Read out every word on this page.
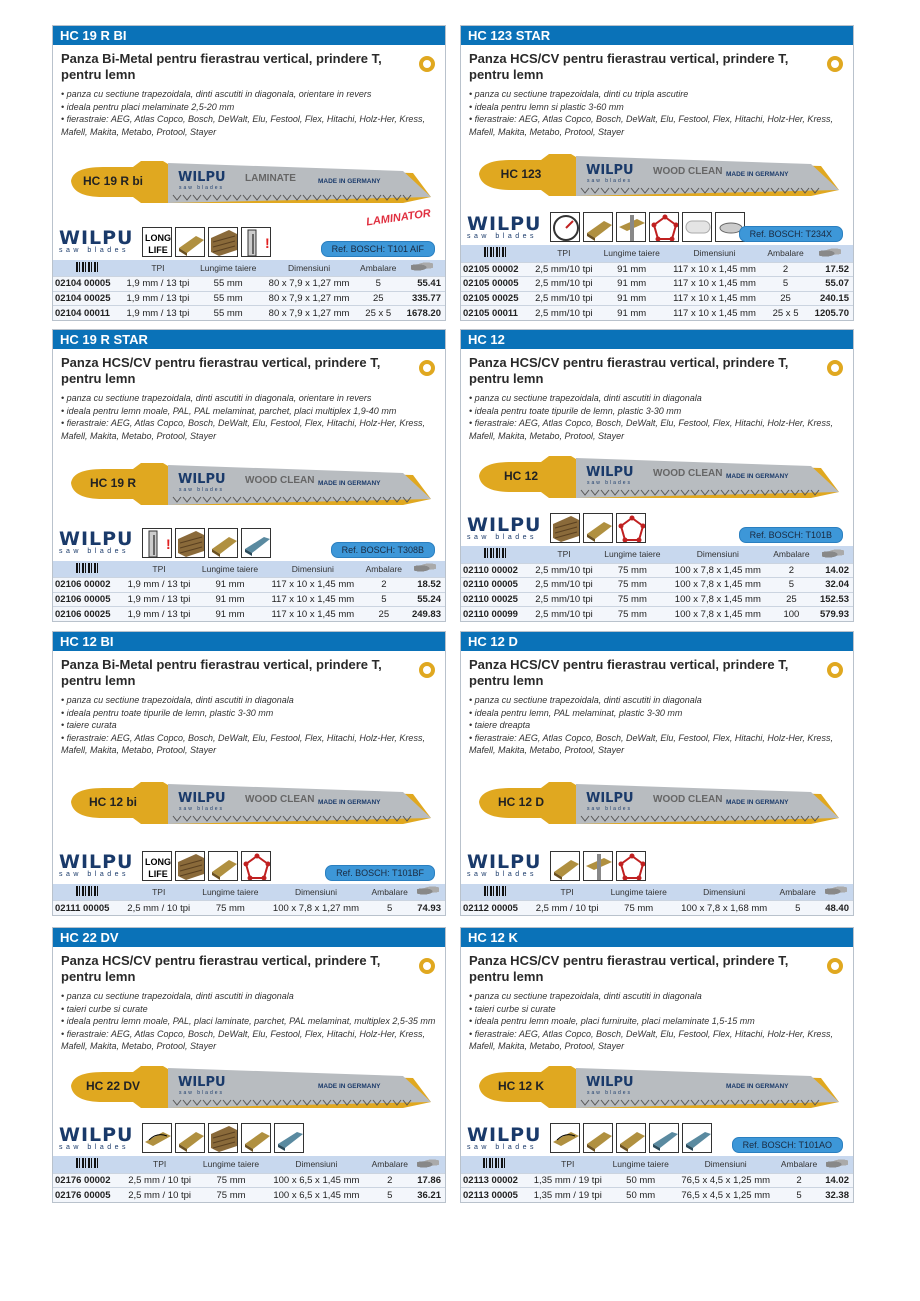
HC 19 R BI
Panza Bi-Metal pentru fierastrau vertical, prindere T, pentru lemn
• panza cu sectiune trapezoidala, dinti ascutiti in diagonala, orientare in revers
• ideala pentru placi melaminate 2,5-20 mm
• fierastraie: AEG, Atlas Copco, Bosch, DeWalt, Elu, Festool, Flex, Hitachi, Holz-Her, Kress, Mafell, Makita, Metabo, Protool, Stayer
HC 19 R bi	WILPU
saw blades
LAMINATE	MADE IN GERMANY
LAMINATOR
WILPU
saw blades
LONG
LIFE	!	Ref. BOSCH: T101 AIF
	TPI	Lungime taiere	Dimensiuni	Ambalare	
02104 00005	1,9 mm / 13 tpi	55 mm	80 x 7,9 x 1,27 mm	5	55.41
02104 00025	1,9 mm / 13 tpi	55 mm	80 x 7,9 x 1,27 mm	25	335.77
02104 00011	1,9 mm / 13 tpi	55 mm	80 x 7,9 x 1,27 mm	25 x 5	1678.20
HC 19 R STAR
Panza HCS/CV pentru fierastrau vertical, prindere T, pentru lemn
• panza cu sectiune trapezoidala, dinti ascutiti in diagonala, orientare in revers
• ideala pentru lemn moale, PAL, PAL melaminat, parchet, placi multiplex 1,9-40 mm
• fierastraie: AEG, Atlas Copco, Bosch, DeWalt, Elu, Festool, Flex, Hitachi, Holz-Her, Kress, Mafell, Makita, Metabo, Protool, Stayer
HC 19 R	WILPU
saw blades
WOOD CLEAN MADE IN GERMANY
WILPU
saw blades	!	Ref. BOSCH: T308B
	TPI	Lungime taiere	Dimensiuni	Ambalare	
02106 00002	1,9 mm / 13 tpi	91 mm	117 x 10 x 1,45 mm	2	18.52
02106 00005	1,9 mm / 13 tpi	91 mm	117 x 10 x 1,45 mm	5	55.24
02106 00025	1,9 mm / 13 tpi	91 mm	117 x 10 x 1,45 mm	25	249.83
HC 12 BI
Panza Bi-Metal pentru fierastrau vertical, prindere T, pentru lemn
• panza cu sectiune trapezoidala, dinti ascutiti in diagonala
• ideala pentru toate tipurile de lemn, plastic 3-30 mm
• taiere curata
• fierastraie: AEG, Atlas Copco, Bosch, DeWalt, Elu, Festool, Flex, Hitachi, Holz-Her, Kress, Mafell, Makita, Metabo, Protool, Stayer
HC 12 bi	WILPU
saw blades
WOOD CLEAN MADE IN GERMANY
WILPU
saw blades
LONG
LIFE	Ref. BOSCH: T101BF
	TPI	Lungime taiere	Dimensiuni	Ambalare	
02111 00005	2,5 mm / 10 tpi	75 mm	100 x 7,8 x 1,27 mm	5	74.93
HC 22 DV
Panza HCS/CV pentru fierastrau vertical, prindere T, pentru lemn
• panza cu sectiune trapezoidala, dinti ascutiti in diagonala
• taieri curbe si curate
• ideala pentru lemn moale, PAL, placi laminate, parchet, PAL melaminat, multiplex 2,5-35 mm
• fierastraie: AEG, Atlas Copco, Bosch, DeWalt, Elu, Festool, Flex, Hitachi, Holz-Her, Kress, Mafell, Makita, Metabo, Protool, Stayer
HC 22 DV	WILPU
saw blades
MADE IN GERMANY
WILPU
saw blades
	TPI	Lungime taiere	Dimensiuni	Ambalare	
02176 00002	2,5 mm / 10 tpi	75 mm	100 x 6,5 x 1,45 mm	2	17.86
02176 00005	2,5 mm / 10 tpi	75 mm	100 x 6,5 x 1,45 mm	5	36.21
HC 123 STAR
Panza HCS/CV pentru fierastrau vertical, prindere T, pentru lemn
• panza cu sectiune trapezoidala, dinti cu tripla ascutire
• ideala pentru lemn si plastic 3-60 mm
• fierastraie: AEG, Atlas Copco, Bosch, DeWalt, Elu, Festool, Flex, Hitachi, Holz-Her, Kress, Mafell, Makita, Metabo, Protool, Stayer
HC 123	WILPU
saw blades
WOOD CLEAN MADE IN GERMANY
WILPU
saw blades	Ref. BOSCH: T234X
	TPI	Lungime taiere	Dimensiuni	Ambalare	
02105 00002	2,5 mm/10 tpi	91 mm	117 x 10 x 1,45 mm	2	17.52
02105 00005	2,5 mm/10 tpi	91 mm	117 x 10 x 1,45 mm	5	55.07
02105 00025	2,5 mm/10 tpi	91 mm	117 x 10 x 1,45 mm	25	240.15
02105 00011	2,5 mm/10 tpi	91 mm	117 x 10 x 1,45 mm	25 x 5	1205.70
HC 12
Panza HCS/CV pentru fierastrau vertical, prindere T, pentru lemn
• panza cu sectiune trapezoidala, dinti ascutiti in diagonala
• ideala pentru toate tipurile de lemn, plastic 3-30 mm
• fierastraie: AEG, Atlas Copco, Bosch, DeWalt, Elu, Festool, Flex, Hitachi, Holz-Her, Kress, Mafell, Makita, Metabo, Protool, Stayer
HC 12	WILPU
saw blades
WOOD CLEAN MADE IN GERMANY
WILPU
saw blades	Ref. BOSCH: T101B
	TPI	Lungime taiere	Dimensiuni	Ambalare	
02110 00002	2,5 mm/10 tpi	75 mm	100 x 7,8 x 1,45 mm	2	14.02
02110 00005	2,5 mm/10 tpi	75 mm	100 x 7,8 x 1,45 mm	5	32.04
02110 00025	2,5 mm/10 tpi	75 mm	100 x 7,8 x 1,45 mm	25	152.53
02110 00099	2,5 mm/10 tpi	75 mm	100 x 7,8 x 1,45 mm	100	579.93
HC 12 D
Panza HCS/CV pentru fierastrau vertical, prindere T, pentru lemn
• panza cu sectiune trapezoidala, dinti ascutiti in diagonala
• ideala pentru lemn, PAL melaminat, plastic 3-30 mm
• taiere dreapta
• fierastraie: AEG, Atlas Copco, Bosch, DeWalt, Elu, Festool, Flex, Hitachi, Holz-Her, Kress, Mafell, Makita, Metabo, Protool, Stayer
HC 12 D	WILPU
saw blades
WOOD CLEAN MADE IN GERMANY
WILPU
saw blades
	TPI	Lungime taiere	Dimensiuni	Ambalare	
02112 00005	2,5 mm / 10 tpi	75 mm	100 x 7,8 x 1,68 mm	5	48.40
HC 12 K
Panza HCS/CV pentru fierastrau vertical, prindere T, pentru lemn
• panza cu sectiune trapezoidala, dinti ascutiti in diagonala
• taieri curbe si curate
• ideala pentru lemn moale, placi furniruite, placi melaminate 1,5-15 mm
• fierastraie: AEG, Atlas Copco, Bosch, DeWalt, Elu, Festool, Flex, Hitachi, Holz-Her, Kress, Mafell, Makita, Metabo, Protool, Stayer
HC 12 K	WILPU
saw blades
MADE IN GERMANY
WILPU
saw blades	Ref. BOSCH: T101AO
	TPI	Lungime taiere	Dimensiuni	Ambalare	
02113 00002	1,35 mm / 19 tpi	50 mm	76,5 x 4,5 x 1,25 mm	2	14.02
02113 00005	1,35 mm / 19 tpi	50 mm	76,5 x 4,5 x 1,25 mm	5	32.38
